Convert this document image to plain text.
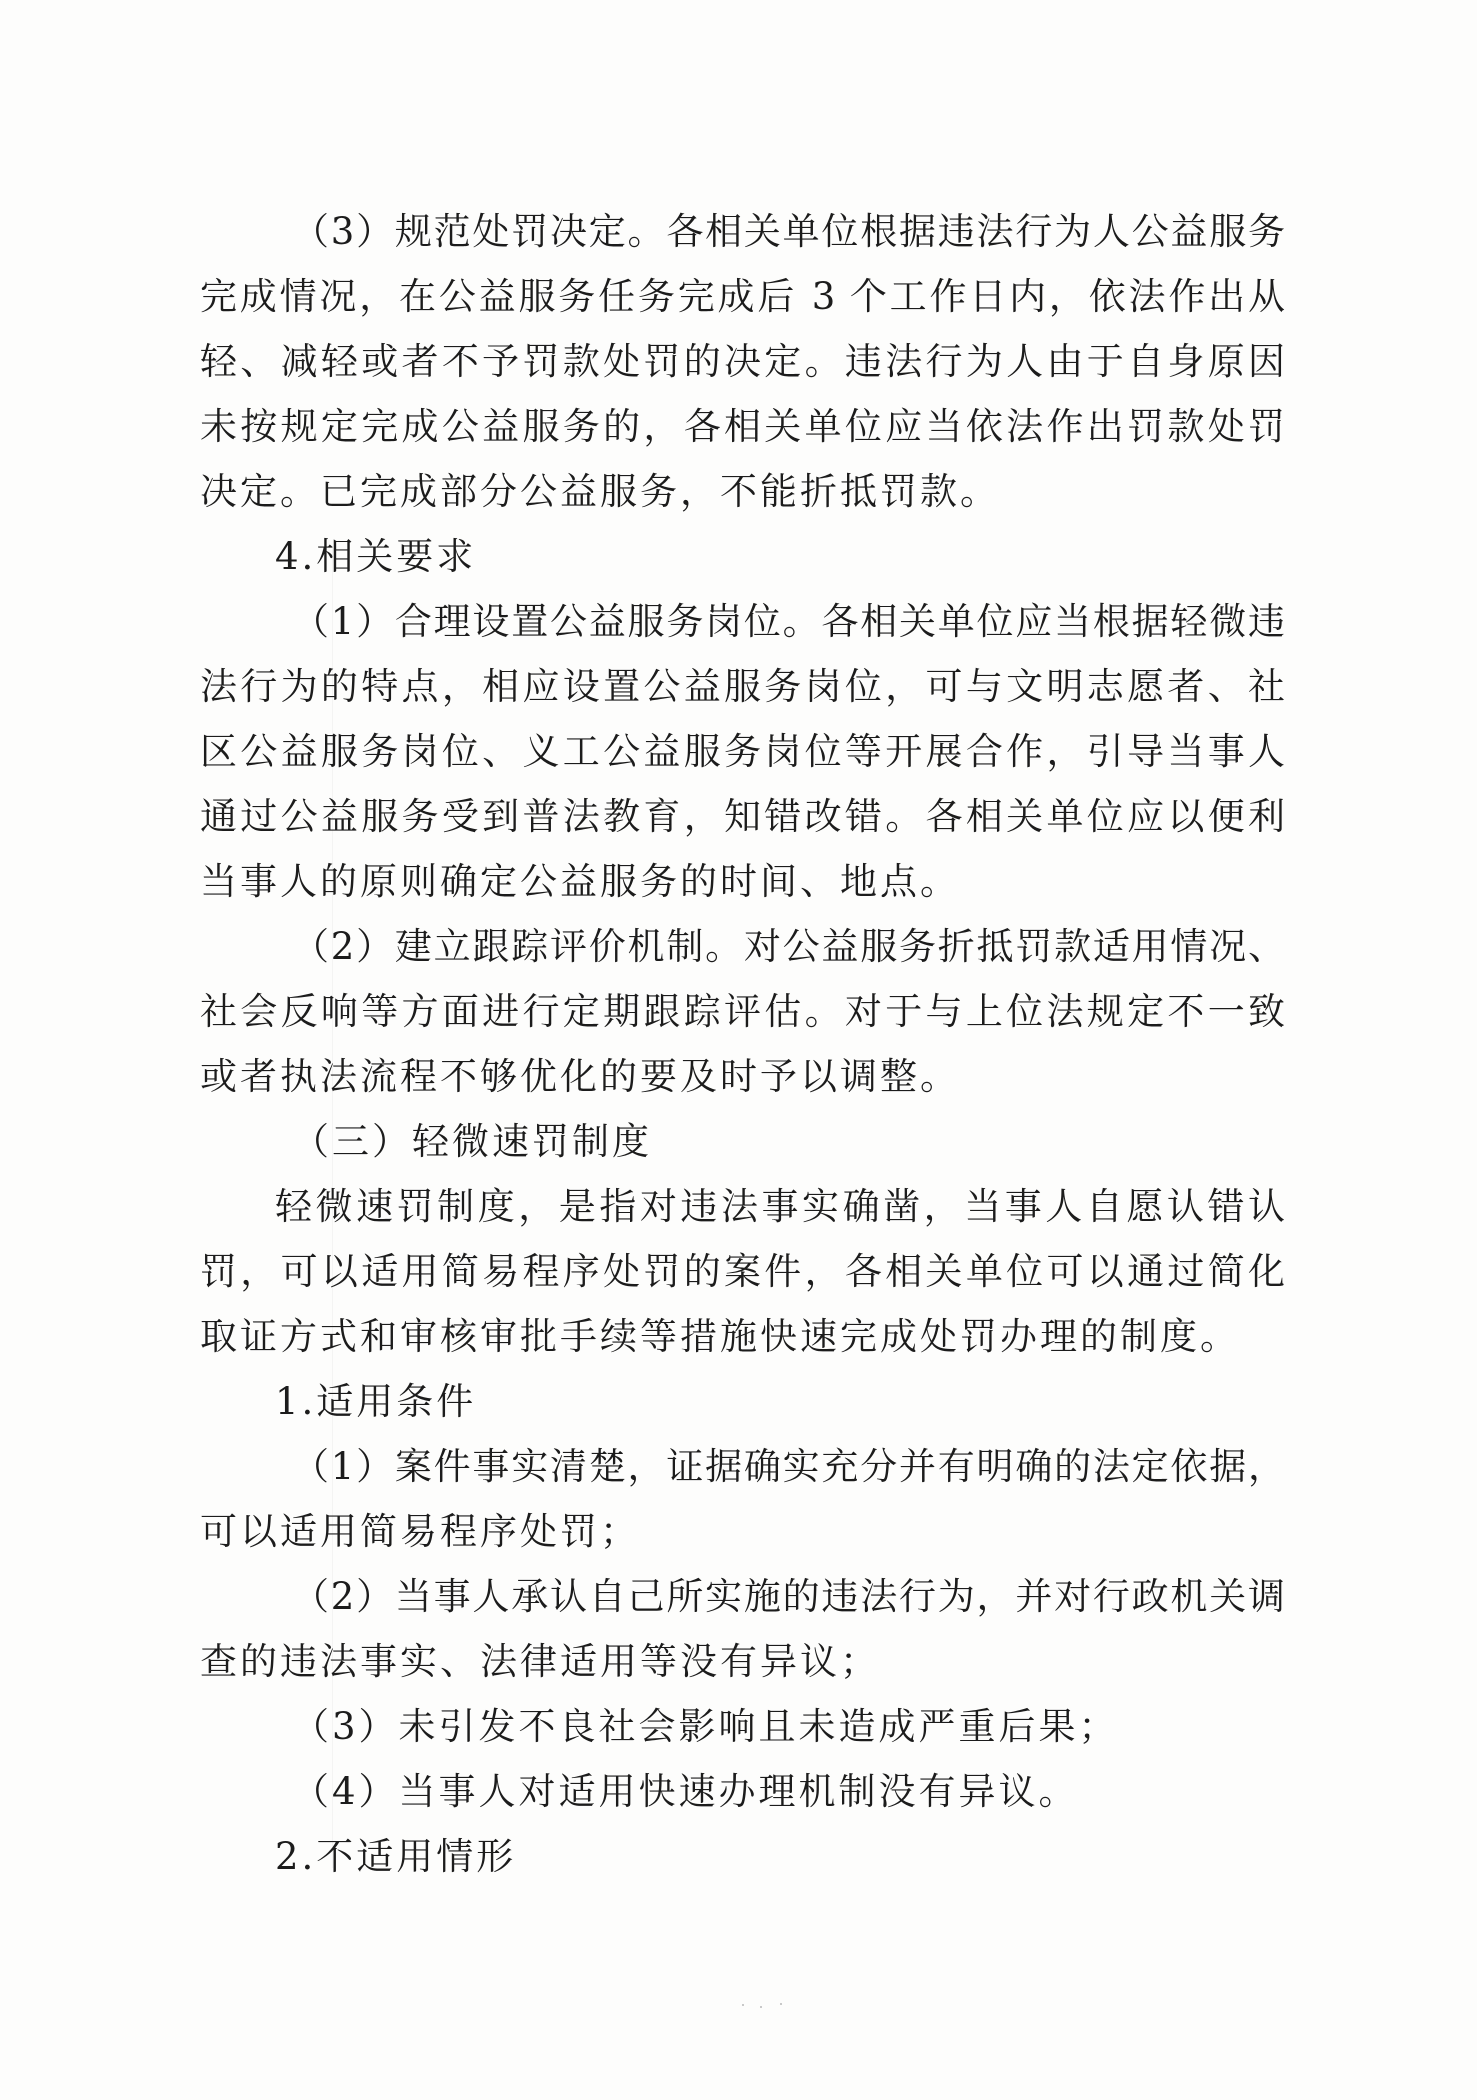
（3）规范处罚决定。各相关单位根据违法行为人公益服务
完成情况，在公益服务任务完成后 3 个工作日内，依法作出从
轻、减轻或者不予罚款处罚的决定。违法行为人由于自身原因
未按规定完成公益服务的，各相关单位应当依法作出罚款处罚
决定。已完成部分公益服务，不能折抵罚款。
4.相关要求
（1）合理设置公益服务岗位。各相关单位应当根据轻微违
法行为的特点，相应设置公益服务岗位，可与文明志愿者、社
区公益服务岗位、义工公益服务岗位等开展合作，引导当事人
通过公益服务受到普法教育，知错改错。各相关单位应以便利
当事人的原则确定公益服务的时间、地点。
（2）建立跟踪评价机制。对公益服务折抵罚款适用情况、
社会反响等方面进行定期跟踪评估。对于与上位法规定不一致
或者执法流程不够优化的要及时予以调整。
（三）轻微速罚制度
轻微速罚制度，是指对违法事实确凿，当事人自愿认错认
罚，可以适用简易程序处罚的案件，各相关单位可以通过简化
取证方式和审核审批手续等措施快速完成处罚办理的制度。
1.适用条件
（1）案件事实清楚，证据确实充分并有明确的法定依据，
可以适用简易程序处罚；
（2）当事人承认自己所实施的违法行为，并对行政机关调
查的违法事实、法律适用等没有异议；
（3）未引发不良社会影响且未造成严重后果；
（4）当事人对适用快速办理机制没有异议。
2.不适用情形
